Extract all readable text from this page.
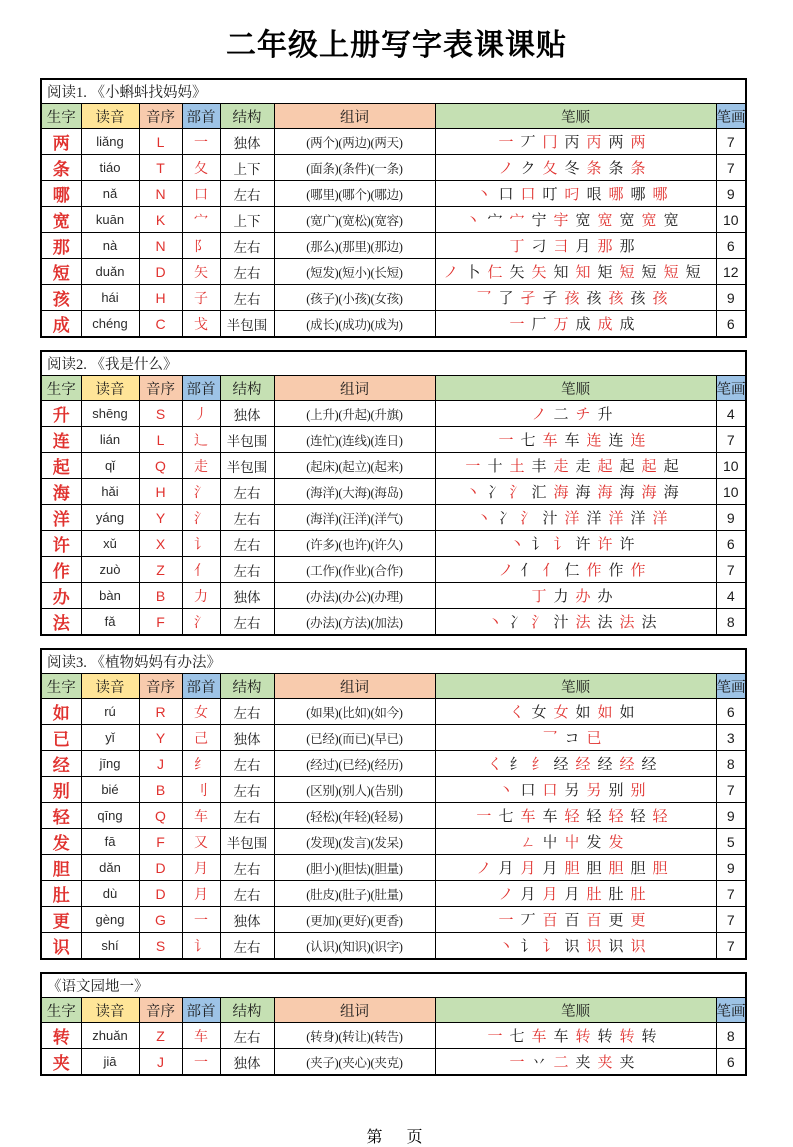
二年级上册写字表课课贴
阅读1. 《小蝌蚪找妈妈》							
生字	读音	音序	部首	结构	组词	笔顺	笔画
两	liǎng	L	一	独体	(两个)(两边)(两天)	一 丆 冂 丙 丙 两 两	7
条	tiáo	T	夂	上下	(面条)(条件)(一条)	ノ ク 夂 冬 条 条 条	7
哪	nǎ	N	口	左右	(哪里)(哪个)(哪边)	丶 口 口 叮 叼 哏 哪 哪 哪	9
宽	kuān	K	宀	上下	(宽广)(宽松)(宽容)	丶 宀 宀 宁 宇 宽 宽 宽 宽 宽	10
那	nà	N	阝	左右	(那么)(那里)(那边)	丁 刁 彐 月 那 那	6
短	duǎn	D	矢	左右	(短发)(短小)(长短)	ノ 卜 仁 矢 矢 知 知 矩 短 短 短 短	12
孩	hái	H	子	左右	(孩子)(小孩)(女孩)	乛 了 孑 孑 孩 孩 孩 孩 孩	9
成	chéng	C	戈	半包围	(成长)(成功)(成为)	一 厂 万 成 成 成	6
阅读2. 《我是什么》							
生字	读音	音序	部首	结构	组词	笔顺	笔画
升	shēng	S	丿	独体	(上升)(升起)(升旗)	ノ 二 チ 升	4
连	lián	L	辶	半包围	(连忙)(连线)(连日)	一 七 车 车 连 连 连	7
起	qǐ	Q	走	半包围	(起床)(起立)(起来)	一 十 土 丰 走 走 起 起 起 起	10
海	hǎi	H	氵	左右	(海洋)(大海)(海岛)	丶 冫 氵 汇 海 海 海 海 海 海	10
洋	yáng	Y	氵	左右	(海洋)(汪洋)(洋气)	丶 冫 氵 汁 洋 洋 洋 洋 洋	9
许	xǔ	X	讠	左右	(许多)(也许)(许久)	丶 讠 讠 许 许 许	6
作	zuò	Z	亻	左右	(工作)(作业)(合作)	ノ 亻 亻 仁 作 作 作	7
办	bàn	B	力	独体	(办法)(办公)(办理)	丁 力 办 办	4
法	fǎ	F	氵	左右	(办法)(方法)(加法)	丶 冫 氵 汁 法 法 法 法	8
阅读3. 《植物妈妈有办法》							
生字	读音	音序	部首	结构	组词	笔顺	笔画
如	rú	R	女	左右	(如果)(比如)(如今)	く 女 女 如 如 如	6
已	yǐ	Y	己	独体	(已经)(而已)(早已)	乛 コ 已	3
经	jīng	J	纟	左右	(经过)(已经)(经历)	く 纟 纟 经 经 经 经 经	8
别	bié	B	刂	左右	(区别)(别人)(告别)	丶 口 口 另 另 别 别	7
轻	qīng	Q	车	左右	(轻松)(年轻)(轻易)	一 七 车 车 轻 轻 轻 轻 轻	9
发	fā	F	又	半包围	(发现)(发言)(发呆)	ㄥ 屮 屮 发 发	5
胆	dǎn	D	月	左右	(胆小)(胆怯)(胆量)	ノ 月 月 月 胆 胆 胆 胆 胆	9
肚	dù	D	月	左右	(肚皮)(肚子)(肚量)	ノ 月 月 月 肚 肚 肚	7
更	gèng	G	一	独体	(更加)(更好)(更香)	一 丆 百 百 百 更 更	7
识	shí	S	讠	左右	(认识)(知识)(识字)	丶 讠 讠 识 识 识 识	7
《语文园地一》							
生字	读音	音序	部首	结构	组词	笔顺	笔画
转	zhuǎn	Z	车	左右	(转身)(转让)(转告)	一 七 车 车 转 转 转 转	8
夹	jiā	J	一	独体	(夹子)(夹心)(夹克)	一 丷 二 夹 夹 夹	6
第　页
